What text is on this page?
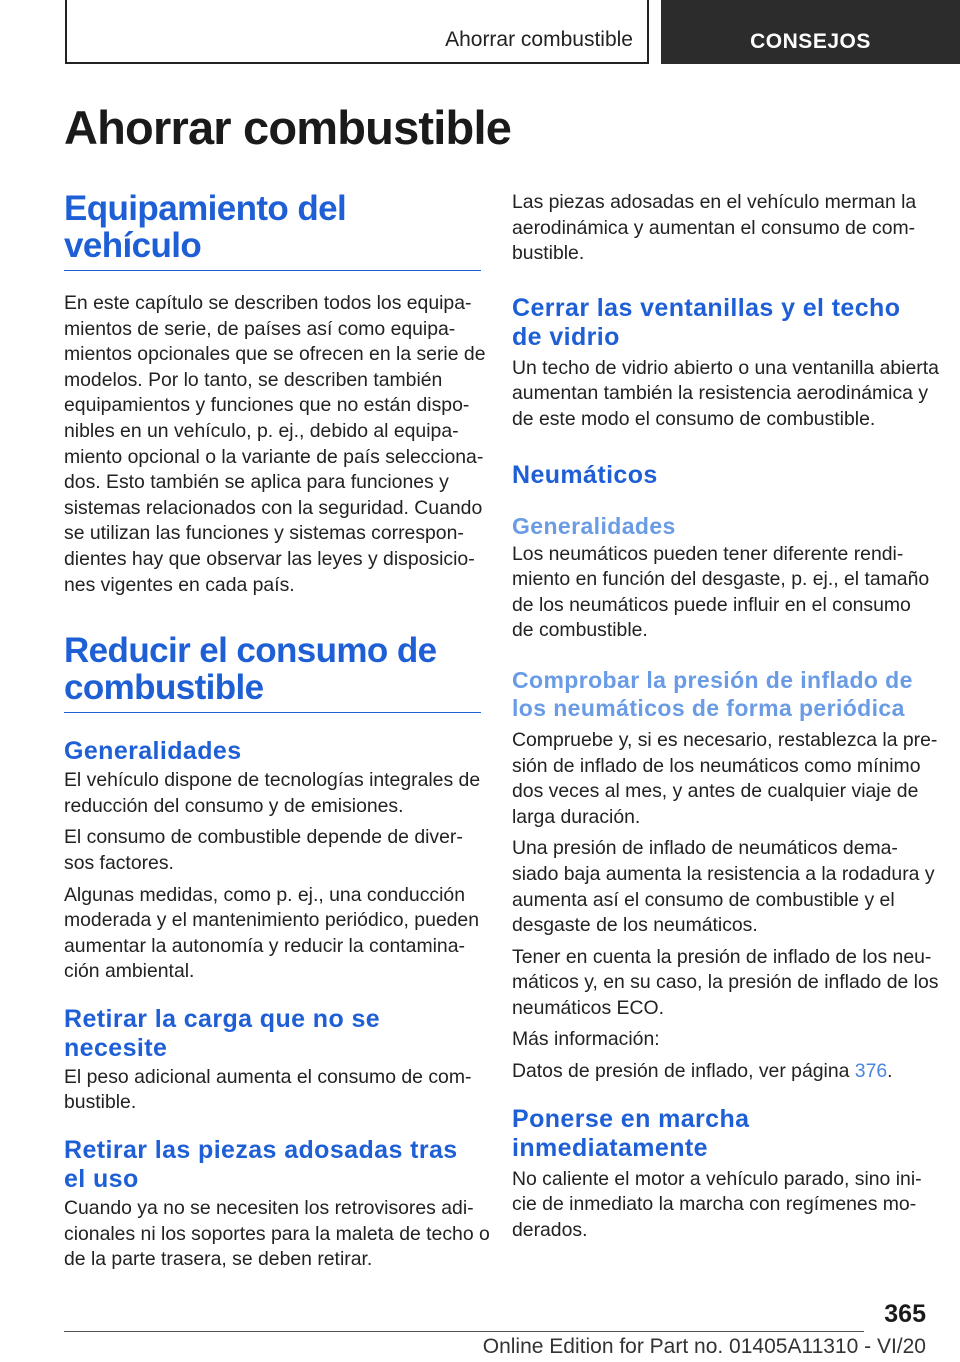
Ahorrar combustible	CONSEJOS
Ahorrar combustible
Equipamiento del vehículo

En este capítulo se describen todos los equipa-

mientos de serie, de países así como equipa-

mientos opcionales que se ofrecen en la serie de

modelos. Por lo tanto, se describen también

equipamientos y funciones que no están dispo-

nibles en un vehículo, p. ej., debido al equipa-

miento opcional o la variante de país selecciona-

dos. Esto también se aplica para funciones y

sistemas relacionados con la seguridad. Cuando

se utilizan las funciones y sistemas correspon-

dientes hay que observar las leyes y disposicio-

nes vigentes en cada país.

Reducir el consumo de
combustible
Generalidades

El vehículo dispone de tecnologías integrales de

reducción del consumo y de emisiones.

El consumo de combustible depende de diver-

sos factores.

Algunas medidas, como p. ej., una conducción

moderada y el mantenimiento periódico, pueden

aumentar la autonomía y reducir la contamina-

ción ambiental.

Retirar la carga que no se
necesite

El peso adicional aumenta el consumo de com-

bustible.

Retirar las piezas adosadas tras
el uso

Cuando ya no se necesiten los retrovisores adi-

cionales ni los soportes para la maleta de techo o

de la parte trasera, se deben retirar.

Las piezas adosadas en el vehículo merman la

aerodinámica y aumentan el consumo de com-

bustible.

Cerrar las ventanillas y el techo
de vidrio

Un techo de vidrio abierto o una ventanilla abierta

aumentan también la resistencia aerodinámica y

de este modo el consumo de combustible.

Neumáticos
Generalidades

Los neumáticos pueden tener diferente rendi-

miento en función del desgaste, p. ej., el tamaño

de los neumáticos puede influir en el consumo

de combustible.

Comprobar la presión de inflado de
los neumáticos de forma periódica

Compruebe y, si es necesario, restablezca la pre-

sión de inflado de los neumáticos como mínimo

dos veces al mes, y antes de cualquier viaje de

larga duración.

Una presión de inflado de neumáticos dema-

siado baja aumenta la resistencia a la rodadura y

aumenta así el consumo de combustible y el

desgaste de los neumáticos.

Tener en cuenta la presión de inflado de los neu-

máticos y, en su caso, la presión de inflado de los

neumáticos ECO.

Más información:

Datos de presión de inflado, ver página 376.

Ponerse en marcha
inmediatamente

No caliente el motor a vehículo parado, sino ini-

cie de inmediato la marcha con regímenes mo-

derados.

365
Online Edition for Part no. 01405A11310 - VI/20
